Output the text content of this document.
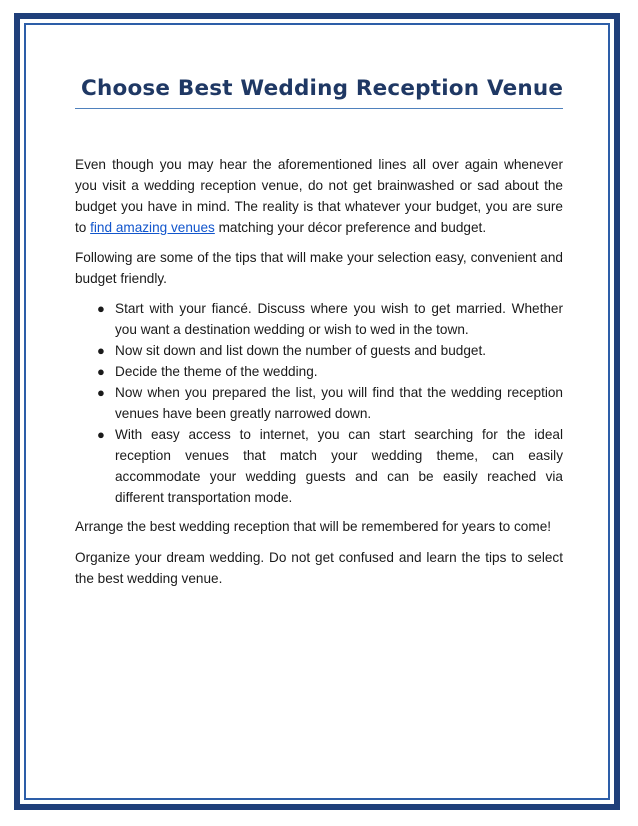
Choose Best Wedding Reception Venue

Even though you may hear the aforementioned lines all over again whenever you visit a wedding reception venue, do not get brainwashed or sad about the budget you have in mind. The reality is that whatever your budget, you are sure to find amazing venues matching your décor preference and budget.

Following are some of the tips that will make your selection easy, convenient and budget friendly.

● Start with your fiancé. Discuss where you wish to get married. Whether you want a destination wedding or wish to wed in the town.
● Now sit down and list down the number of guests and budget.
● Decide the theme of the wedding.
● Now when you prepared the list, you will find that the wedding reception venues have been greatly narrowed down.
● With easy access to internet, you can start searching for the ideal reception venues that match your wedding theme, can easily accommodate your wedding guests and can be easily reached via different transportation mode.

Arrange the best wedding reception that will be remembered for years to come!

Organize your dream wedding. Do not get confused and learn the tips to select the best wedding venue.
